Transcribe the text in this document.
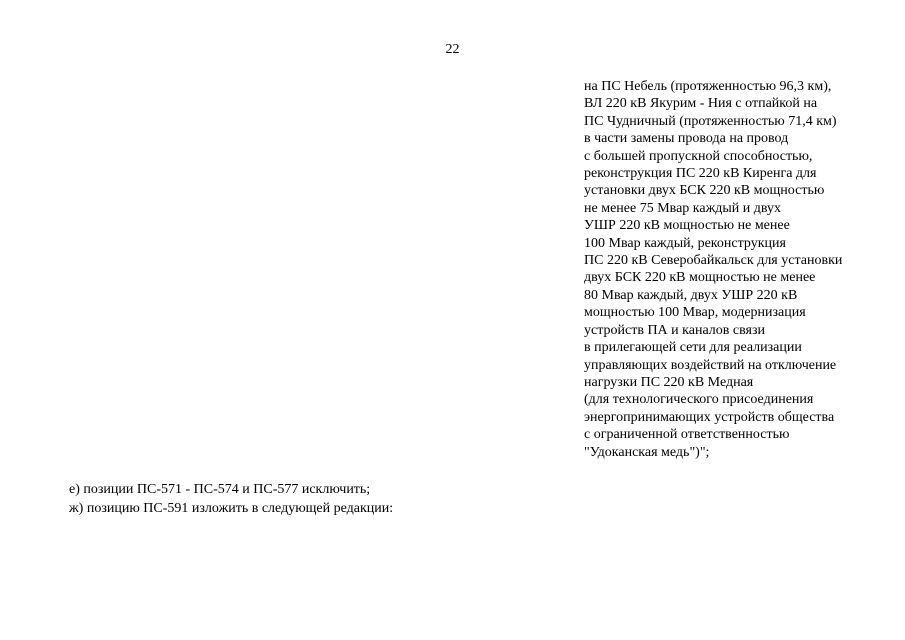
22
на ПС Небель (протяженностью 96,3 км),
ВЛ 220 кВ Якурим - Ния с отпайкой на
ПС Чудничный (протяженностью 71,4 км)
в части замены провода на провод
с большей пропускной способностью,
реконструкция ПС 220 кВ Киренга для
установки двух БСК 220 кВ мощностью
не менее 75 Мвар каждый и двух
УШР 220 кВ мощностью не менее
100 Мвар каждый, реконструкция
ПС 220 кВ Северобайкальск для установки
двух БСК 220 кВ мощностью не менее
80 Мвар каждый, двух УШР 220 кВ
мощностью 100 Мвар, модернизация
устройств ПА и каналов связи
в прилегающей сети для реализации
управляющих воздействий на отключение
нагрузки ПС 220 кВ Медная
(для технологического присоединения
энергопринимающих устройств общества
с ограниченной ответственностью
"Удоканская медь")";
е) позиции ПС-571 - ПС-574 и ПС-577 исключить;
ж) позицию ПС-591 изложить в следующей редакции:
